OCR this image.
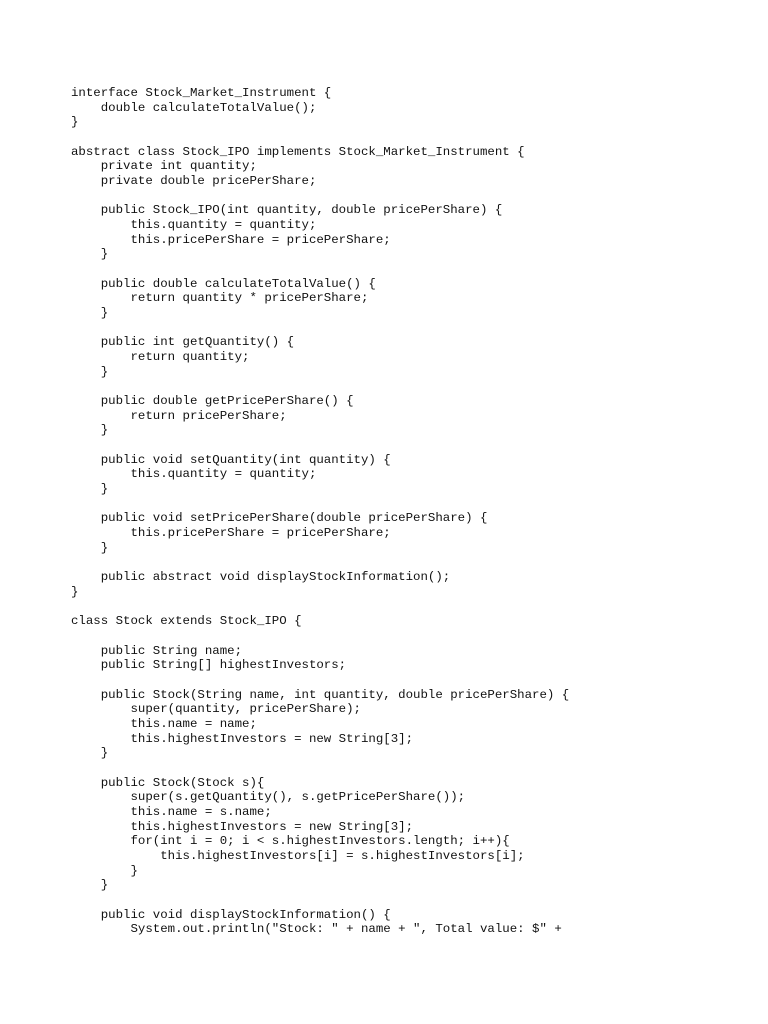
interface Stock_Market_Instrument {
double calculateTotalValue();
}
abstract class Stock_IPO implements Stock_Market_Instrument {
private int quantity;
private double pricePerShare;
public Stock_IPO(int quantity, double pricePerShare) {
this.quantity = quantity;
this.pricePerShare = pricePerShare;
}
public double calculateTotalValue() {
return quantity * pricePerShare;
}
public int getQuantity() {
return quantity;
}
public double getPricePerShare() {
return pricePerShare;
}
public void setQuantity(int quantity) {
this.quantity = quantity;
}
public void setPricePerShare(double pricePerShare) {
this.pricePerShare = pricePerShare;
}
public abstract void displayStockInformation();
}
class Stock extends Stock_IPO {
public String name;
public String[] highestInvestors;
public Stock(String name, int quantity, double pricePerShare) {
super(quantity, pricePerShare);
this.name = name;
this.highestInvestors = new String[3];
}
public Stock(Stock s){
super(s.getQuantity(), s.getPricePerShare());
this.name = s.name;
this.highestInvestors = new String[3];
for(int i = 0; i < s.highestInvestors.length; i++){
this.highestInvestors[i] = s.highestInvestors[i];
}
}
public void displayStockInformation() {
System.out.println("Stock: " + name + ", Total value: $" +
